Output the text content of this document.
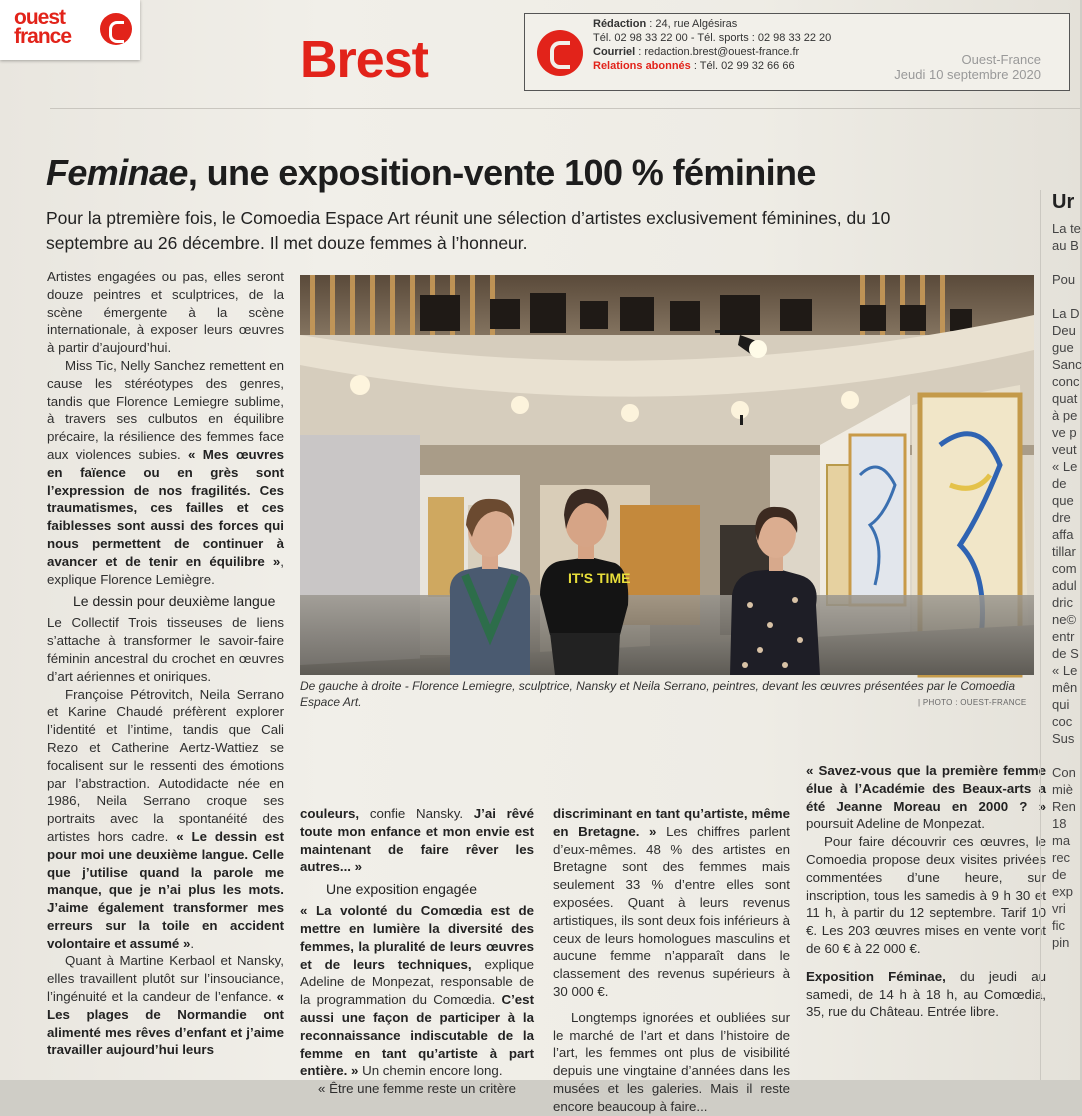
ouest
france	Brest
Rédaction : 24, rue Algésiras
Tél. 02 98 33 22 00 - Tél. sports : 02 98 33 22 20
Courriel : redaction.brest@ouest-france.fr
Relations abonnés : Tél. 02 99 32 66 66	Ouest-France
Jeudi 10 septembre 2020
Feminae, une exposition-vente 100 % féminine
Pour la ptremière fois, le Comoedia Espace Art réunit une sélection d’artistes exclusivement féminines, du 10 septembre au 26 décembre. Il met douze femmes à l’honneur.

Artistes engagées ou pas, elles seront douze peintres et sculptrices, de la scène émergente à la scène internationale, à exposer leurs œuvres à partir d’aujourd’hui.

Miss Tic, Nelly Sanchez remettent en cause les stéréotypes des genres, tandis que Florence Lemiegre sublime, à travers ses culbutos en équilibre précaire, la résilience des femmes face aux violences subies. « Mes œuvres en faïence ou en grès sont l’expression de nos fragilités. Ces traumatismes, ces failles et ces faiblesses sont aussi des forces qui nous permettent de continuer à avancer et de tenir en équilibre », explique Florence Lemiègre.

Le dessin pour deuxième langue

Le Collectif Trois tisseuses de liens s’attache à transformer le savoir-faire féminin ancestral du crochet en œuvres d’art aériennes et oniriques.

Françoise Pétrovitch, Neila Serrano et Karine Chaudé préfèrent explorer l’identité et l’intime, tandis que Cali Rezo et Catherine Aertz-Wattiez se focalisent sur le ressenti des émotions par l’abstraction. Autodidacte née en 1986, Neila Serrano croque ses portraits avec la spontanéité des artistes hors cadre. « Le dessin est pour moi une deuxième langue. Celle que j’utilise quand la parole me manque, que je n’ai plus les mots. J’aime également transformer mes erreurs sur la toile en accident volontaire et assumé ».

Quant à Martine Kerbaol et Nansky, elles travaillent plutôt sur l’insouciance, l’ingénuité et la candeur de l’enfance. « Les plages de Normandie ont alimenté mes rêves d’enfant et j’aime travailler aujourd’hui leurs

IT'S TIME
De gauche à droite - Florence Lemiegre, sculptrice, Nansky et Neila Serrano, peintres, devant les œuvres présentées par le Comoedia Espace Art.	| PHOTO : OUEST-FRANCE

couleurs, confie Nansky. J’ai rêvé toute mon enfance et mon envie est maintenant de faire rêver les autres... »

Une exposition engagée

« La volonté du Comœdia est de mettre en lumière la diversité des femmes, la pluralité de leurs œuvres et de leurs techniques, explique Adeline de Monpezat, responsable de la programmation du Comœdia. C’est aussi une façon de participer à la reconnaissance indiscutable de la femme en tant qu’artiste à part entière. » Un chemin encore long.

« Être une femme reste un critère

discriminant en tant qu’artiste, même en Bretagne. » Les chiffres parlent d’eux-mêmes. 48 % des artistes en Bretagne sont des femmes mais seulement 33 % d’entre elles sont exposées. Quant à leurs revenus artistiques, ils sont deux fois inférieurs à ceux de leurs homologues masculins et aucune femme n’apparaît dans le classement des revenus supérieurs à 30 000 €.

Longtemps ignorées et oubliées sur le marché de l’art et dans l’histoire de l’art, les femmes ont plus de visibilité depuis une vingtaine d’années dans les musées et les galeries. Mais il reste encore beaucoup à faire...

« Savez-vous que la première femme élue à l’Académie des Beaux-arts a été Jeanne Moreau en 2000 ? » poursuit Adeline de Monpezat.

Pour faire découvrir ces œuvres, le Comoedia propose deux visites privées commentées d’une heure, sur inscription, tous les samedis à 9 h 30 et 11 h, à partir du 12 septembre. Tarif 10 €. Les 203 œuvres mises en vente vont de 60 € à 22 000 €.

Exposition Féminae, du jeudi au samedi, de 14 h à 18 h, au Comœdia, 35, rue du Château. Entrée libre.

Ur
La te
au B

Pou

La D
Deu
gue
Sanc
conc
quat
à pe
ve p
veut
« Le
de
que
dre
affa
tillar
com
adul
dric
ne©
entr
de S
« Le
mên
qui
coc
Sus

Con
miè
Ren
18
ma
rec
de
exp
vri
fic
pin
